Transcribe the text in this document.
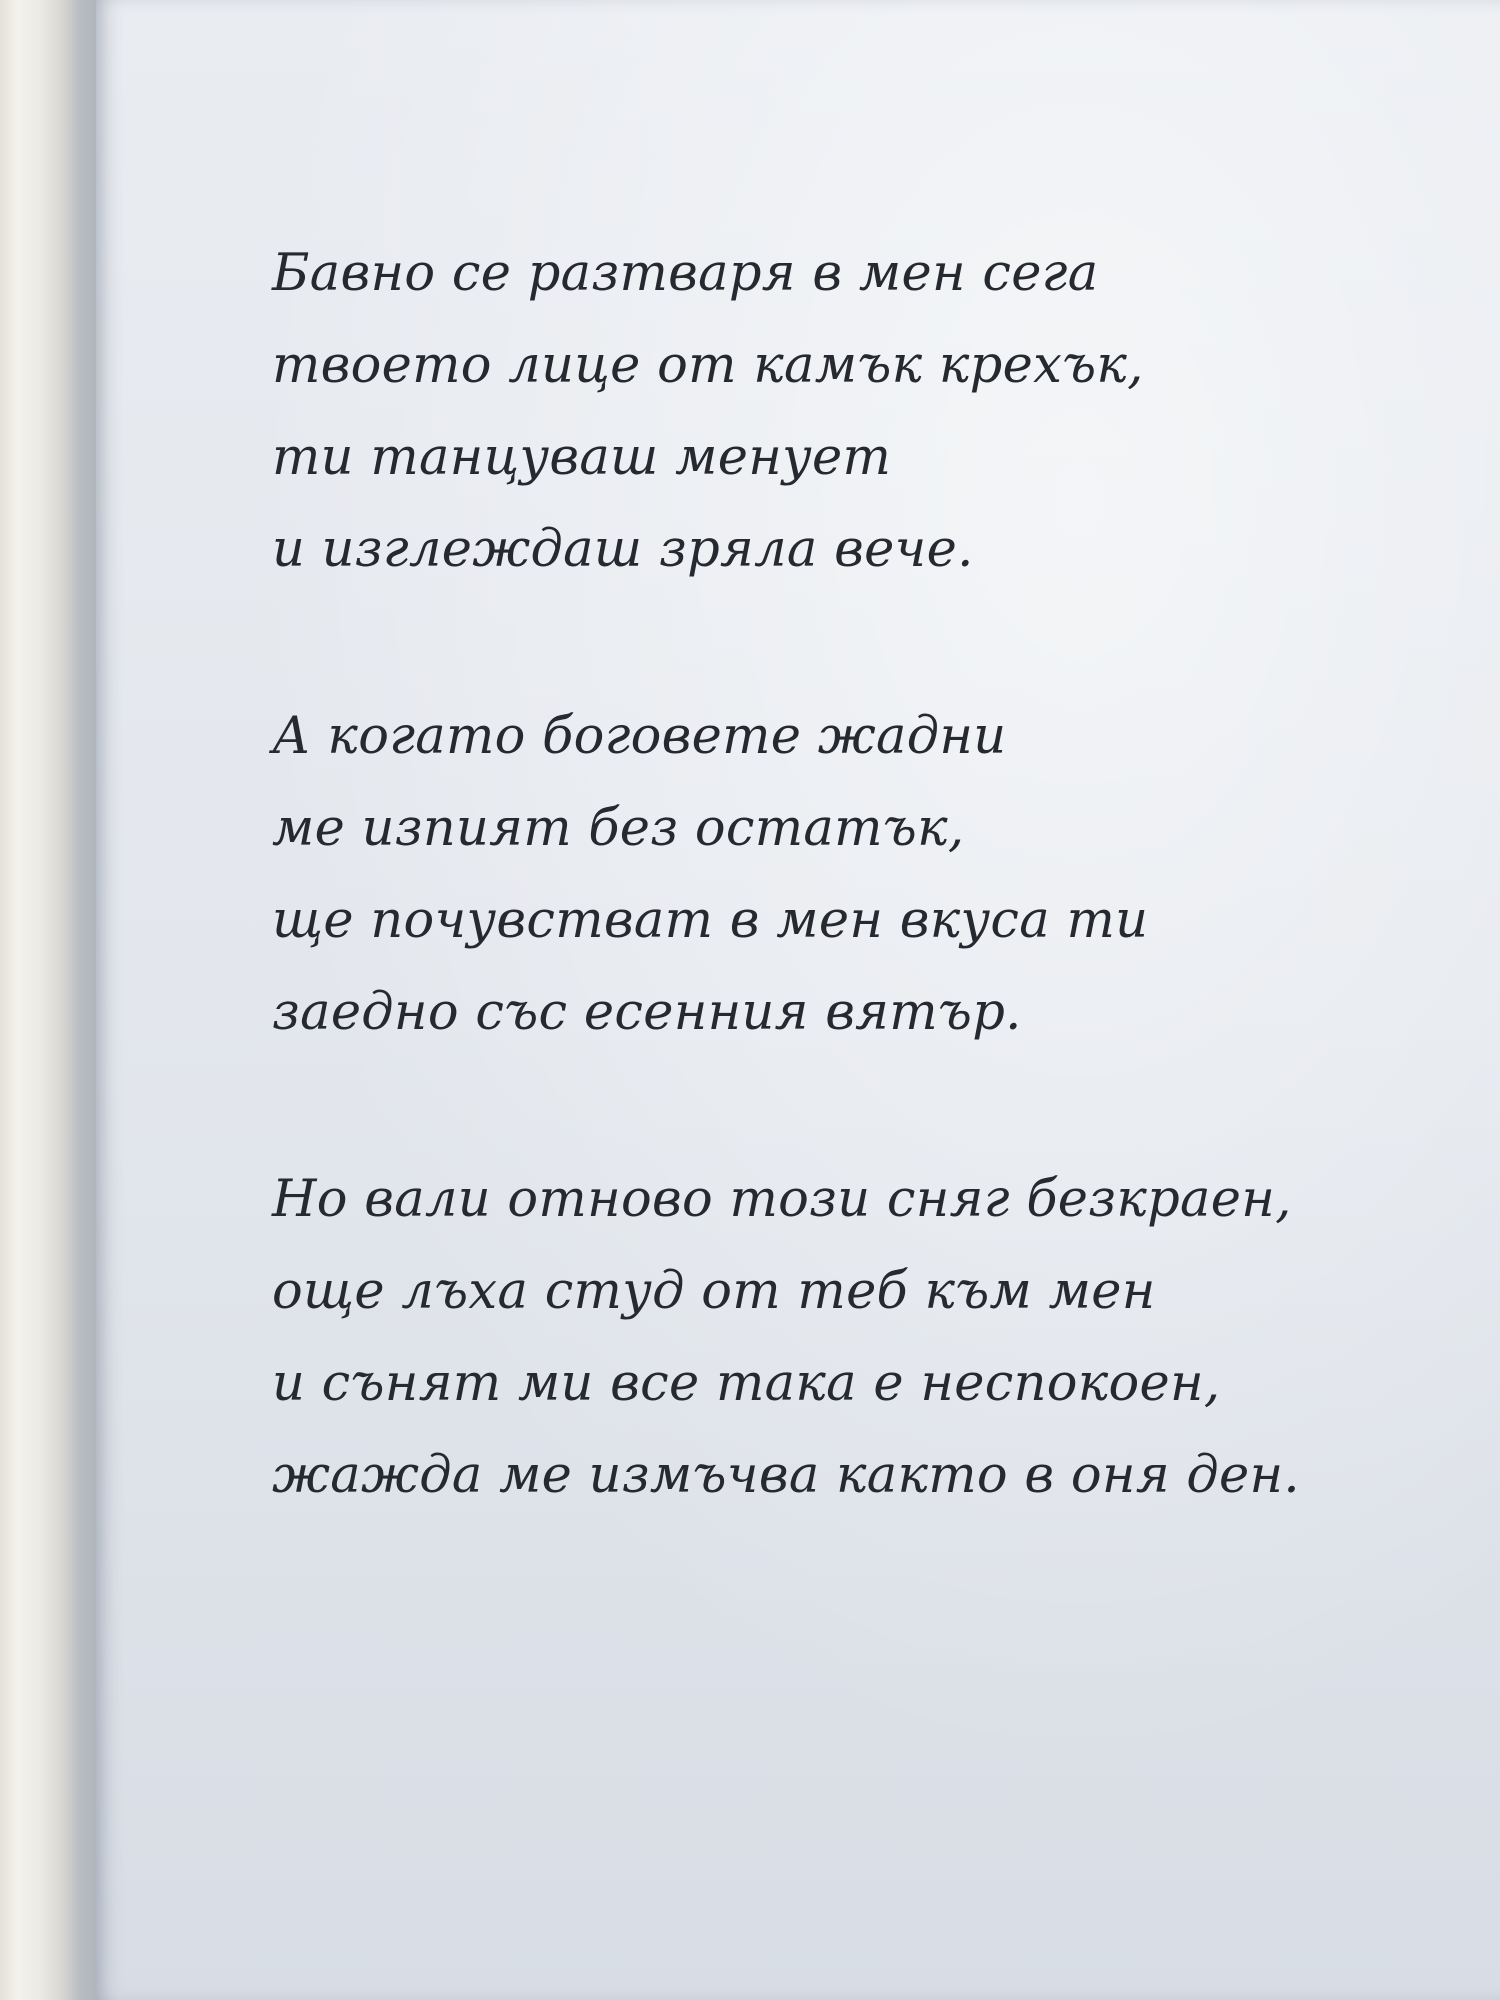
Бавно се разтваря в мен сега
твоето лице от камък крехък,
ти танцуваш менует
и изглеждаш зряла вече.
А когато боговете жадни
ме изпият без остатък,
ще почувстват в мен вкуса ти
заедно със есенния вятър.
Но вали отново този сняг безкраен,
още лъха студ от теб към мен
и сънят ми все така е неспокоен,
жажда ме измъчва както в оня ден.
